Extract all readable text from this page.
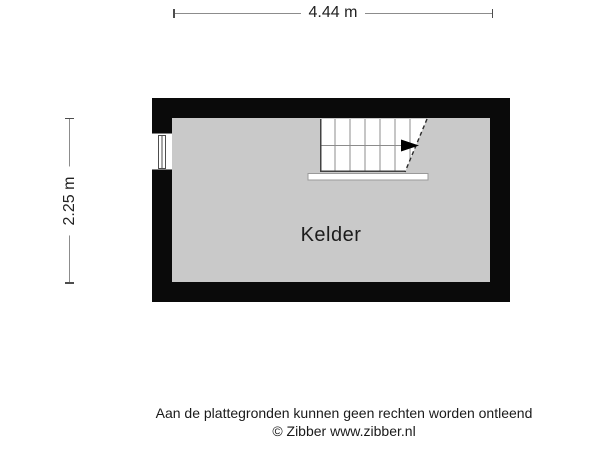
4.44 m
2.25 m
Kelder
Aan de plattegronden kunnen geen rechten worden ontleend
© Zibber www.zibber.nl
